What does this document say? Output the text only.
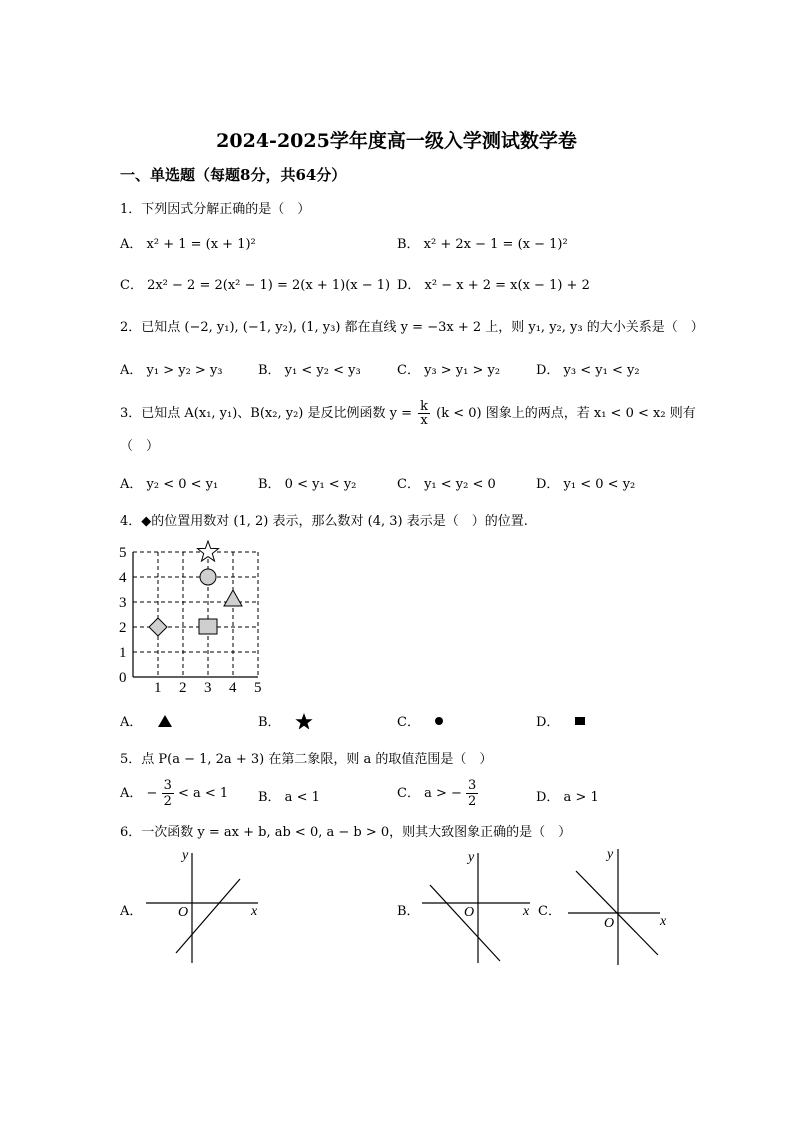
2024-2025学年度高一级入学测试数学卷
一、单选题（每题8分，共64分）
1．下列因式分解正确的是（　）
A． x² + 1 = (x + 1)²	B． x² + 2x − 1 = (x − 1)²
C． 2x² − 2 = 2(x² − 1) = 2(x + 1)(x − 1) D． x² − x + 2 = x(x − 1) + 2
2．已知点 (−2, y₁), (−1, y₂), (1, y₃) 都在直线 y = −3x + 2 上，则 y₁, y₂, y₃ 的大小关系是（　）
A． y₁ > y₂ > y₃	B． y₁ < y₂ < y₃	C． y₃ > y₁ > y₂	D． y₃ < y₁ < y₂
3．已知点 A(x₁, y₁)、B(x₂, y₂) 是反比例函数 $y = \frac{k}{x} (k < 0)$ 图象上的两点，若 x₁ < 0 < x₂ 则有
（　）
A． y₂ < 0 < y₁	B． 0 < y₁ < y₂	C． y₁ < y₂ < 0	D． y₁ < 0 < y₂
4．◆的位置用数对 (1, 2) 表示，那么数对 (4, 3) 表示是（　）的位置.
1 2 3 4 5
0
1
2
3
4
5
A．	B．	C．	D．
5．点 P(a − 1, 2a + 3) 在第二象限，则 a 的取值范围是（　）
A． − $\frac{3}{2} < a < 1$ B． a < 1	C． a > − $\frac{3}{2}$	D． a > 1
6．一次函数 y = ax + b, ab < 0, a − b > 0，则其大致图象正确的是（　）
A．
y
x
O	B．
y
x
O	C．
y
x
O
